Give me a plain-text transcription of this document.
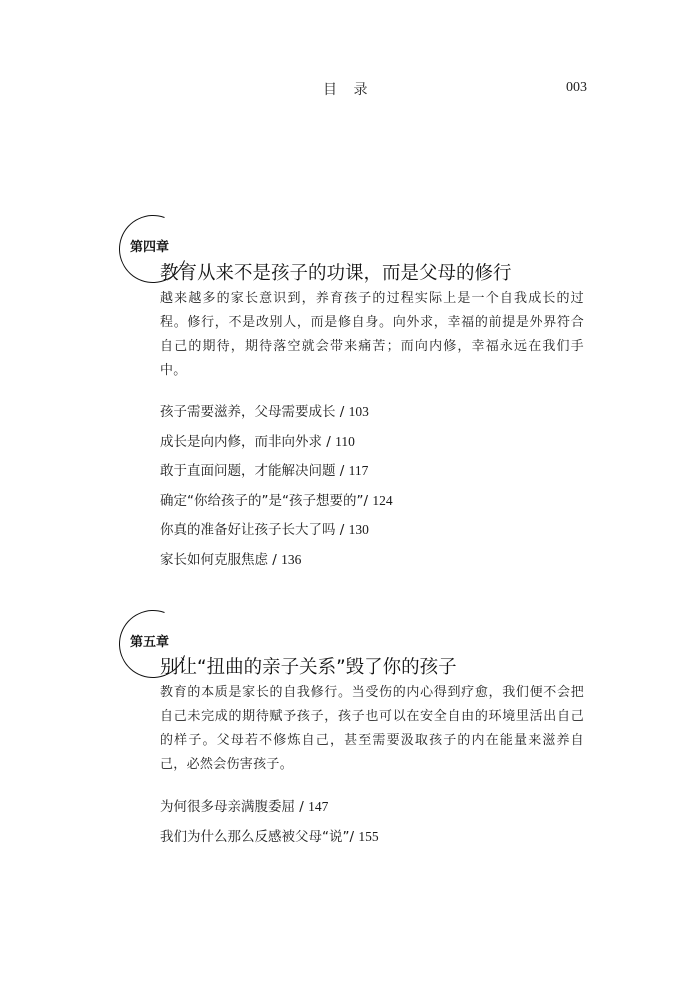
目 录	003
第四章
教育从来不是孩子的功课，而是父母的修行
越来越多的家长意识到，养育孩子的过程实际上是一个自我成长的过程。修行，不是改别人，而是修自身。向外求，幸福的前提是外界符合自己的期待，期待落空就会带来痛苦；而向内修，幸福永远在我们手中。
孩子需要滋养，父母需要成长 / 103
成长是向内修，而非向外求 / 110
敢于直面问题，才能解决问题 / 117
确定“你给孩子的”是“孩子想要的”/ 124
你真的准备好让孩子长大了吗 / 130
家长如何克服焦虑 / 136
第五章
别让“扭曲的亲子关系”毁了你的孩子
教育的本质是家长的自我修行。当受伤的内心得到疗愈，我们便不会把自己未完成的期待赋予孩子，孩子也可以在安全自由的环境里活出自己的样子。父母若不修炼自己，甚至需要汲取孩子的内在能量来滋养自己，必然会伤害孩子。
为何很多母亲满腹委屈 / 147
我们为什么那么反感被父母“说”/ 155
